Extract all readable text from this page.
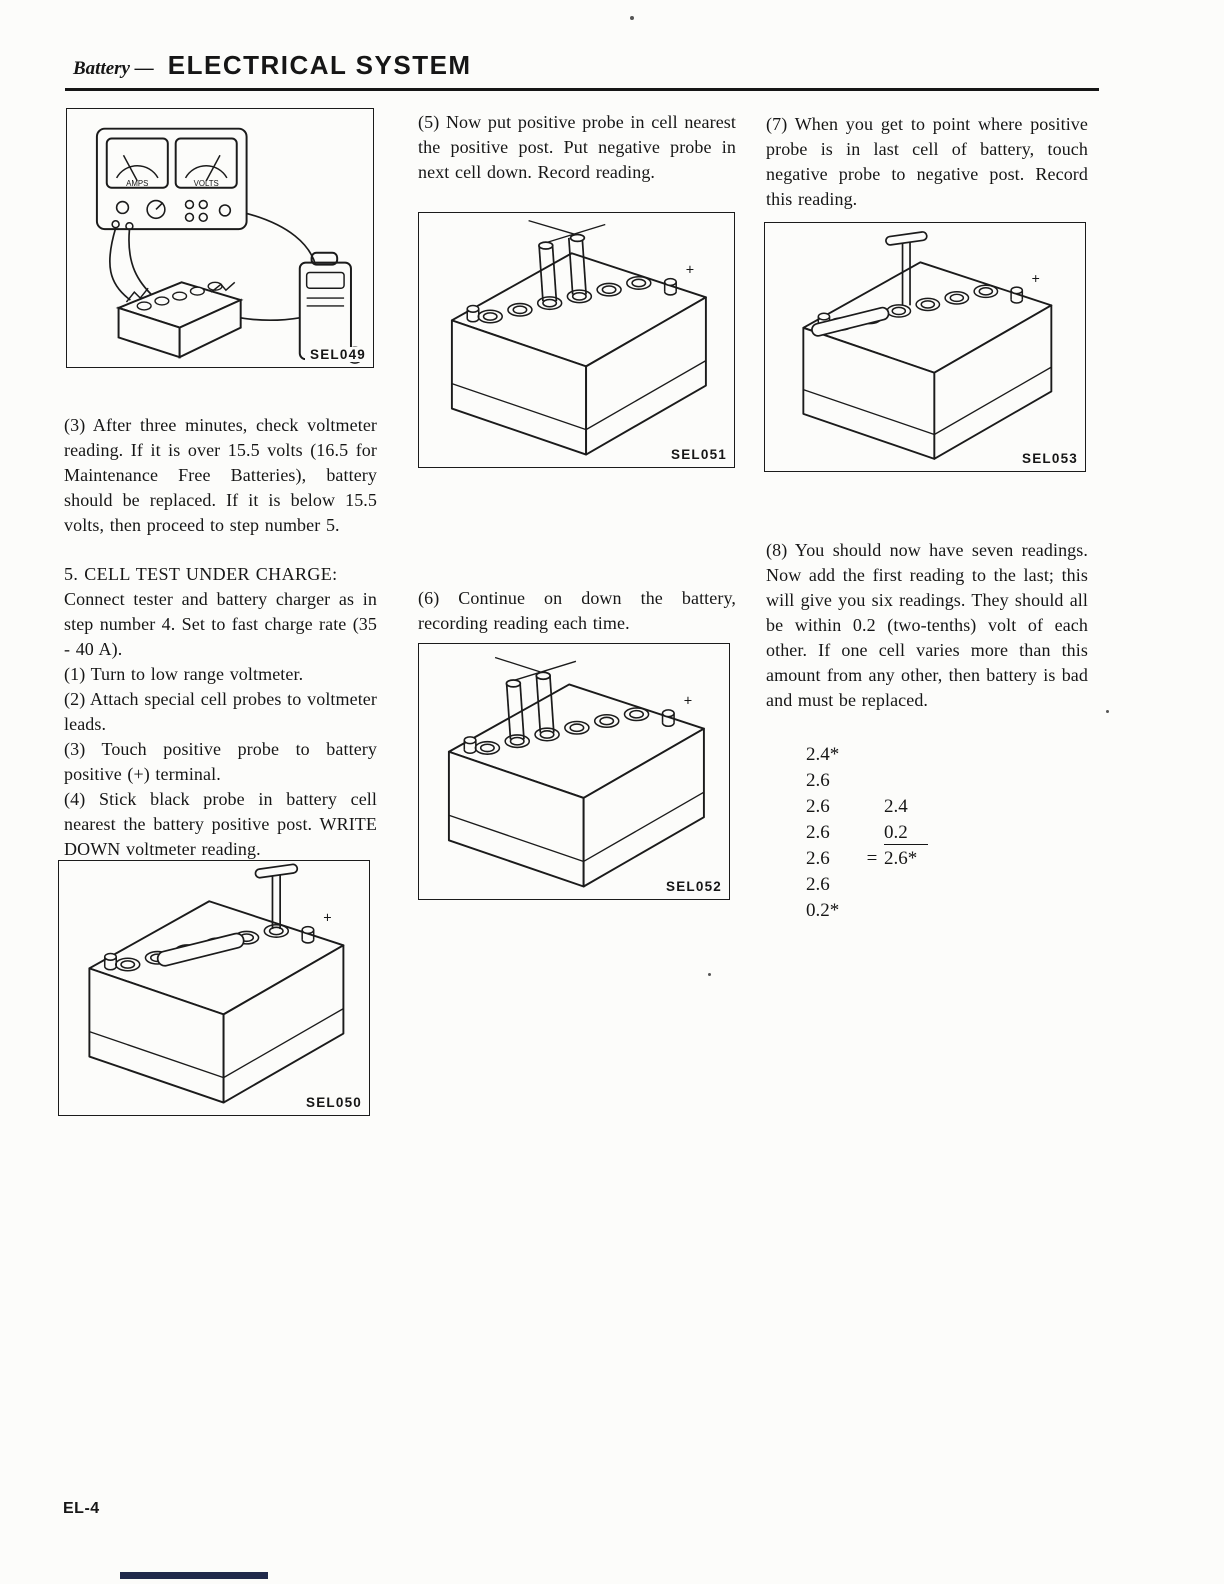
Battery — ELECTRICAL SYSTEM
AMPS	VOLTS
SEL049

(3) After three minutes, check voltmeter reading. If it is over 15.5 volts (16.5 for Maintenance Free Batteries), battery should be replaced. If it is below 15.5 volts, then proceed to step number 5.

5. CELL TEST UNDER CHARGE:

Connect tester and battery charger as in step number 4. Set to fast charge rate (35 - 40 A).

(1) Turn to low range voltmeter.

(2) Attach special cell probes to voltmeter leads.

(3) Touch positive probe to battery positive (+) terminal.

(4) Stick black probe in battery cell nearest the battery positive post. WRITE DOWN voltmeter reading.

SEL050

(5) Now put positive probe in cell nearest the positive post. Put negative probe in next cell down. Record reading.

SEL051

(6) Continue on down the battery, recording reading each time.

SEL052

(7) When you get to point where positive probe is in last cell of battery, touch negative probe to negative post. Record this reading.

SEL053

(8) You should now have seven readings. Now add the first reading to the last; this will give you six readings. They should all be within 0.2 (two-tenths) volt of each other. If one cell varies more than this amount from any other, then battery is bad and must be replaced.

2.4*
2.6
2.6	2.4
2.6	0.2
2.6	= 2.6*
2.6
0.2*
EL-4
